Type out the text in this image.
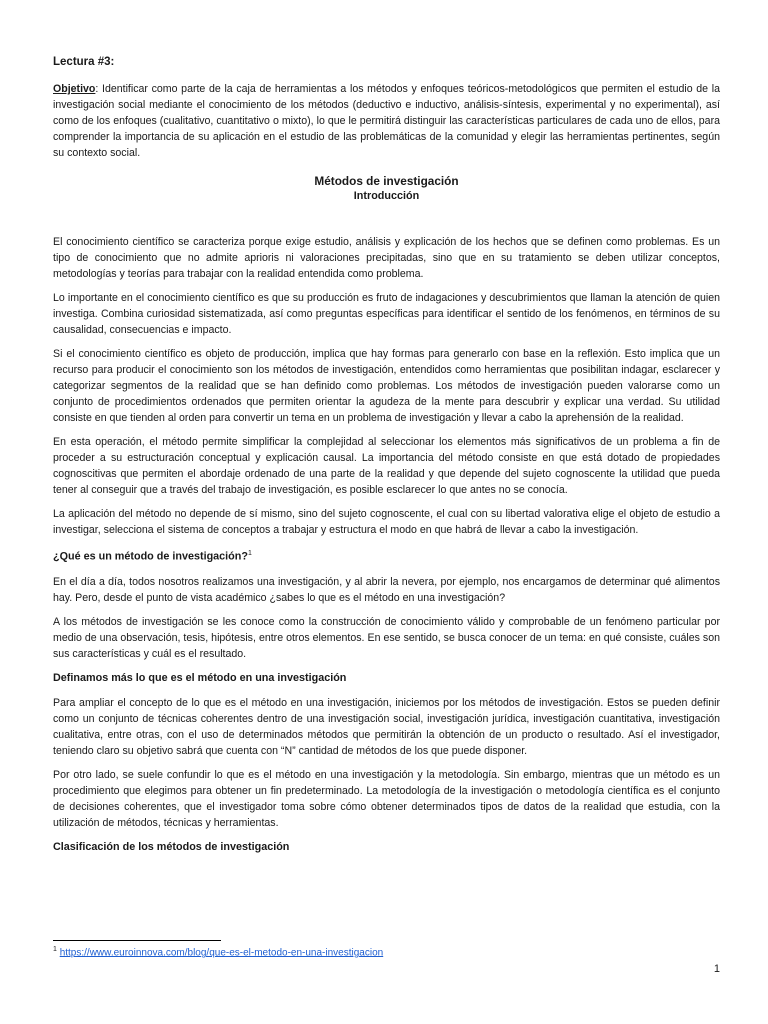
Lectura #3:

Objetivo: Identificar como parte de la caja de herramientas a los métodos y enfoques teóricos-metodológicos que permiten el estudio de la investigación social mediante el conocimiento de los métodos (deductivo e inductivo, análisis-síntesis, experimental y no experimental), así como de los enfoques (cualitativo, cuantitativo o mixto), lo que le permitirá distinguir las características particulares de cada uno de ellos, para comprender la importancia de su aplicación en el estudio de las problemáticas de la comunidad y elegir las herramientas pertinentes, según su contexto social.

Métodos de investigación
Introducción

El conocimiento científico se caracteriza porque exige estudio, análisis y explicación de los hechos que se definen como problemas. Es un tipo de conocimiento que no admite aprioris ni valoraciones precipitadas, sino que en su tratamiento se deben utilizar conceptos, metodologías y teorías para trabajar con la realidad entendida como problema.

Lo importante en el conocimiento científico es que su producción es fruto de indagaciones y descubrimientos que llaman la atención de quien investiga. Combina curiosidad sistematizada, así como preguntas específicas para identificar el sentido de los fenómenos, en términos de su causalidad, consecuencias e impacto.

Si el conocimiento científico es objeto de producción, implica que hay formas para generarlo con base en la reflexión. Esto implica que un recurso para producir el conocimiento son los métodos de investigación, entendidos como herramientas que posibilitan indagar, esclarecer y categorizar segmentos de la realidad que se han definido como problemas. Los métodos de investigación pueden valorarse como un conjunto de procedimientos ordenados que permiten orientar la agudeza de la mente para descubrir y explicar una verdad. Su utilidad consiste en que tienden al orden para convertir un tema en un problema de investigación y llevar a cabo la aprehensión de la realidad.

En esta operación, el método permite simplificar la complejidad al seleccionar los elementos más significativos de un problema a fin de proceder a su estructuración conceptual y explicación causal. La importancia del método consiste en que está dotado de propiedades cognoscitivas que permiten el abordaje ordenado de una parte de la realidad y que depende del sujeto cognoscente la utilidad que pueda tener al conseguir que a través del trabajo de investigación, es posible esclarecer lo que antes no se conocía.

La aplicación del método no depende de sí mismo, sino del sujeto cognoscente, el cual con su libertad valorativa elige el objeto de estudio a investigar, selecciona el sistema de conceptos a trabajar y estructura el modo en que habrá de llevar a cabo la investigación.

¿Qué es un método de investigación?$^1$

En el día a día, todos nosotros realizamos una investigación, y al abrir la nevera, por ejemplo, nos encargamos de determinar qué alimentos hay. Pero, desde el punto de vista académico ¿sabes lo que es el método en una investigación?

A los métodos de investigación se les conoce como la construcción de conocimiento válido y comprobable de un fenómeno particular por medio de una observación, tesis, hipótesis, entre otros elementos. En ese sentido, se busca conocer de un tema: en qué consiste, cuáles son sus características y cuál es el resultado.

Definamos más lo que es el método en una investigación

Para ampliar el concepto de lo que es el método en una investigación, iniciemos por los métodos de investigación. Estos se pueden definir como un conjunto de técnicas coherentes dentro de una investigación social, investigación jurídica, investigación cuantitativa, investigación cualitativa, entre otras, con el uso de determinados métodos que permitirán la obtención de un producto o resultado. Así el investigador, teniendo claro su objetivo sabrá que cuenta con “N” cantidad de métodos de los que puede disponer.

Por otro lado, se suele confundir lo que es el método en una investigación y la metodología. Sin embargo, mientras que un método es un procedimiento que elegimos para obtener un fin predeterminado. La metodología de la investigación o metodología científica es el conjunto de decisiones coherentes, que el investigador toma sobre cómo obtener determinados tipos de datos de la realidad que estudia, con la utilización de métodos, técnicas y herramientas.

Clasificación de los métodos de investigación
$^1$ https://www.euroinnova.com/blog/que-es-el-metodo-en-una-investigacion
1
